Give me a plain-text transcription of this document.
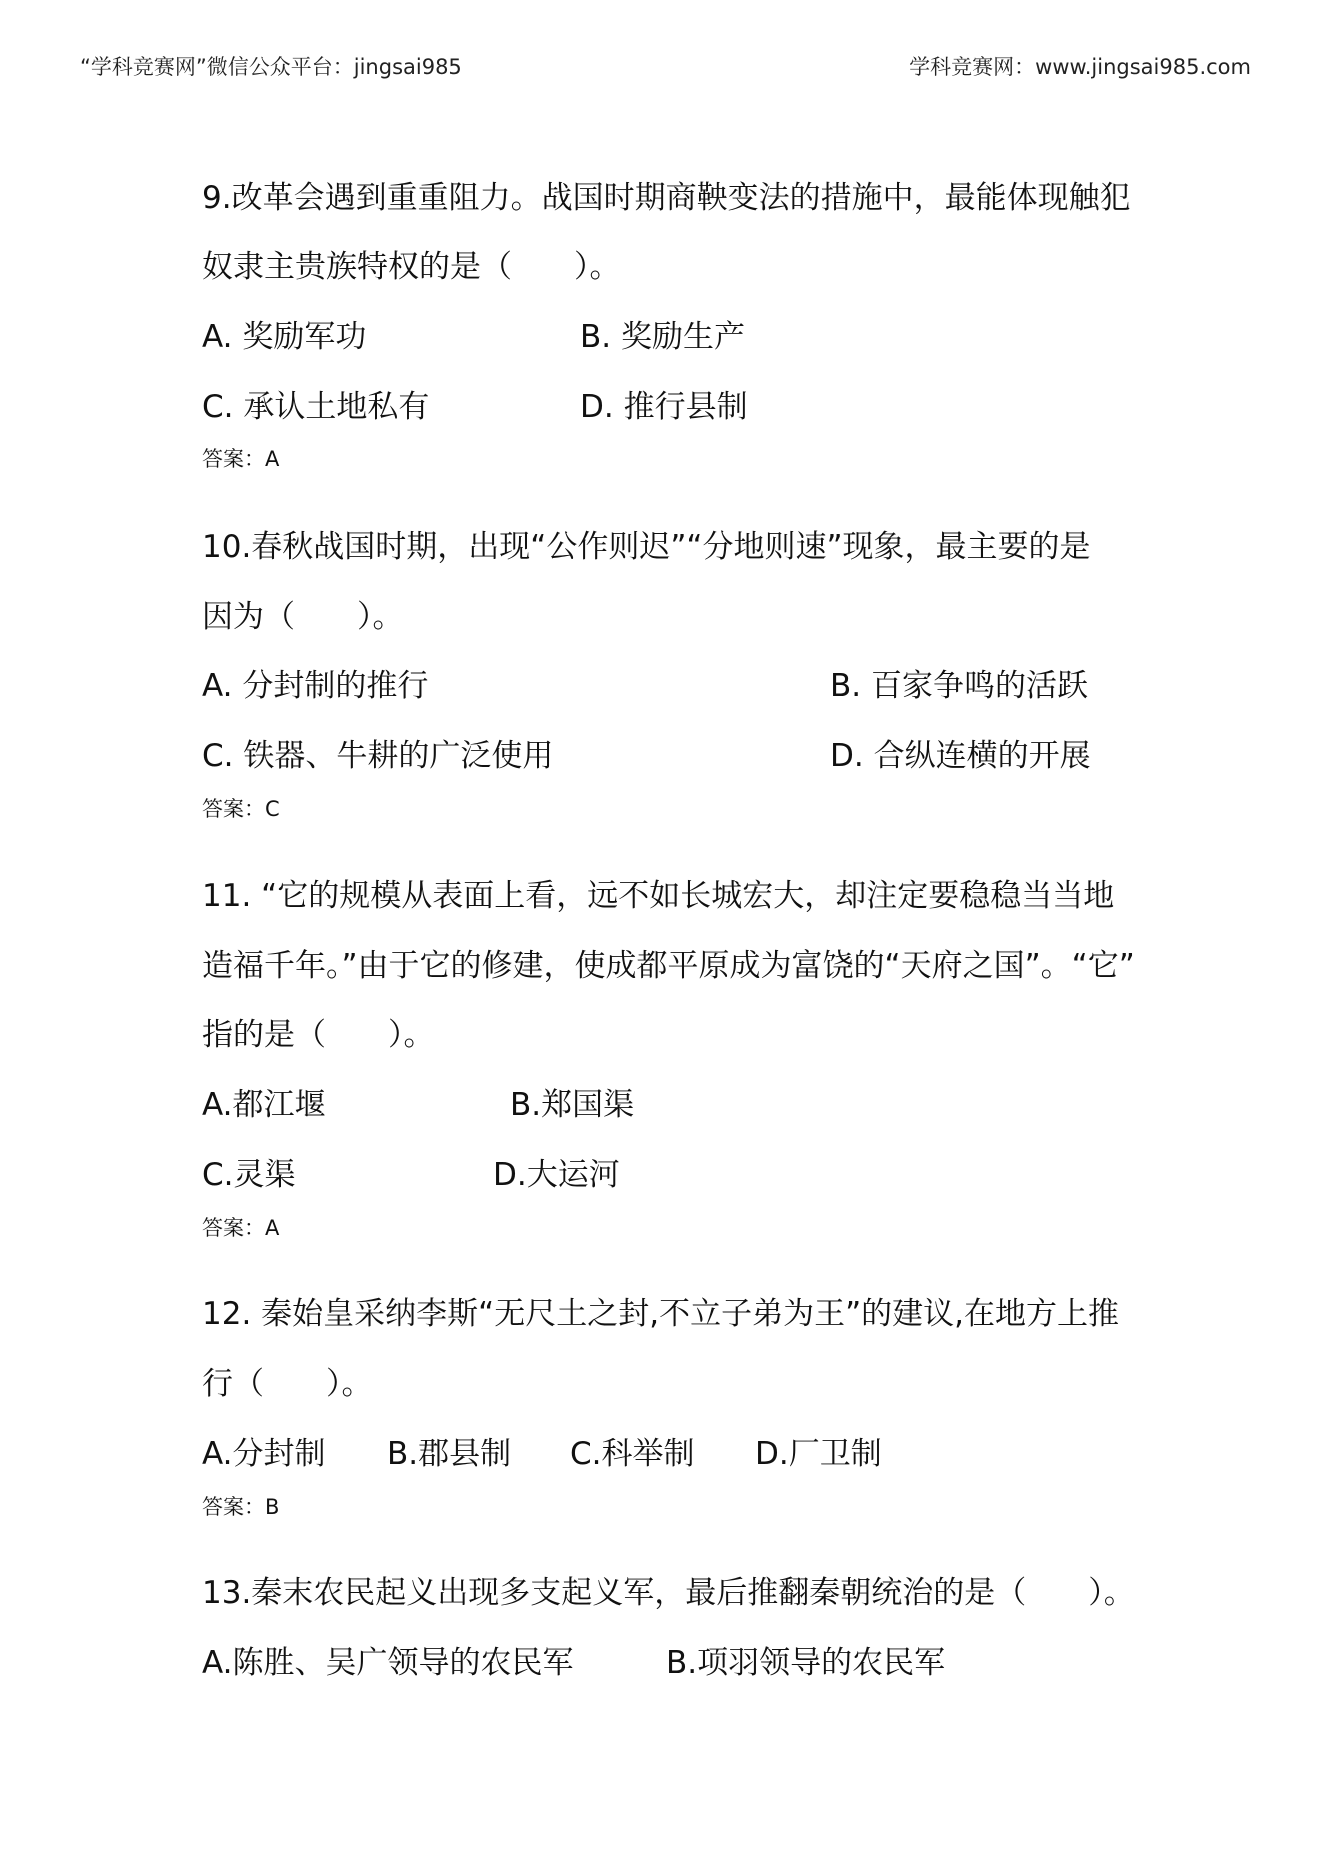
“学科竞赛网”微信公众平台：jingsai985	学科竞赛网：www.jingsai985.com
9.改革会遇到重重阻力。战国时期商鞅变法的措施中，最能体现触犯
奴隶主贵族特权的是（　　）。
A. 奖励军功	B. 奖励生产
C. 承认土地私有	D. 推行县制
答案：A
10.春秋战国时期，出现“公作则迟”“分地则速”现象，最主要的是
因为（　　）。
A. 分封制的推行	B. 百家争鸣的活跃
C. 铁器、牛耕的广泛使用	D. 合纵连横的开展
答案：C
11. “它的规模从表面上看，远不如长城宏大，却注定要稳稳当当地
造福千年。”由于它的修建，使成都平原成为富饶的“天府之国”。“它”
指的是（　　）。
A.都江堰	B.郑国渠
C.灵渠	D.大运河
答案：A
12. 秦始皇采纳李斯“无尺土之封,不立子弟为王”的建议,在地方上推
行（　　）。
A.分封制 B.郡县制 C.科举制 D.厂卫制
答案：B
13.秦末农民起义出现多支起义军，最后推翻秦朝统治的是（　　）。
A.陈胜、吴广领导的农民军	B.项羽领导的农民军
